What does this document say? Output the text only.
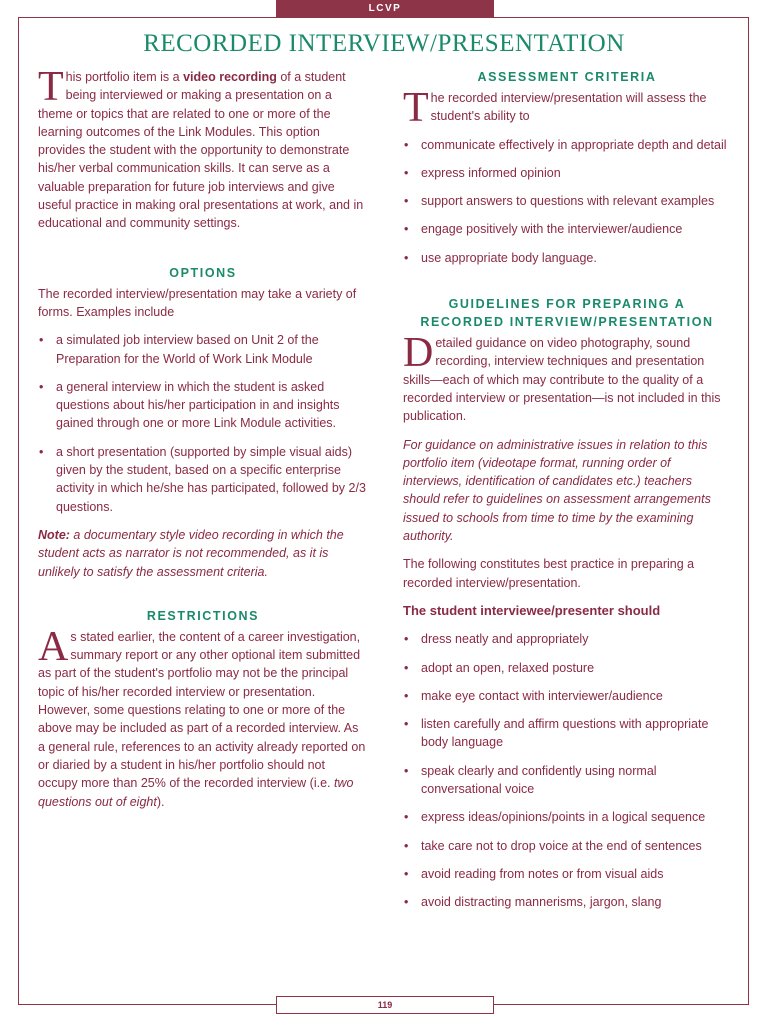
LCVP
RECORDED INTERVIEW/PRESENTATION

This portfolio item is a video recording of a student being interviewed or making a presentation on a theme or topics that are related to one or more of the learning outcomes of the Link Modules. This option provides the student with the opportunity to demonstrate his/her verbal communication skills. It can serve as a valuable preparation for future job interviews and give useful practice in making oral presentations at work, and in educational and community settings.

OPTIONS

The recorded interview/presentation may take a variety of forms. Examples include

• a simulated job interview based on Unit 2 of the Preparation for the World of Work Link Module
• a general interview in which the student is asked questions about his/her participation in and insights gained through one or more Link Module activities.
• a short presentation (supported by simple visual aids) given by the student, based on a specific enterprise activity in which he/she has participated, followed by 2/3 questions.

Note: a documentary style video recording in which the student acts as narrator is not recommended, as it is unlikely to satisfy the assessment criteria.

RESTRICTIONS

As stated earlier, the content of a career investigation, summary report or any other optional item submitted as part of the student's portfolio may not be the principal topic of his/her recorded interview or presentation. However, some questions relating to one or more of the above may be included as part of a recorded interview. As a general rule, references to an activity already reported on or diaried by a student in his/her portfolio should not occupy more than 25% of the recorded interview (i.e. two questions out of eight).

ASSESSMENT CRITERIA

The recorded interview/presentation will assess the student's ability to

• communicate effectively in appropriate depth and detail
• express informed opinion
• support answers to questions with relevant examples
• engage positively with the interviewer/audience
• use appropriate body language.
GUIDELINES FOR PREPARING A
RECORDED INTERVIEW/PRESENTATION

Detailed guidance on video photography, sound recording, interview techniques and presentation skills—each of which may contribute to the quality of a recorded interview or presentation—is not included in this publication.

For guidance on administrative issues in relation to this portfolio item (videotape format, running order of interviews, identification of candidates etc.) teachers should refer to guidelines on assessment arrangements issued to schools from time to time by the examining authority.

The following constitutes best practice in preparing a recorded interview/presentation.

The student interviewee/presenter should
• dress neatly and appropriately
• adopt an open, relaxed posture
• make eye contact with interviewer/audience
• listen carefully and affirm questions with appropriate body language
• speak clearly and confidently using normal conversational voice
• express ideas/opinions/points in a logical sequence
• take care not to drop voice at the end of sentences
• avoid reading from notes or from visual aids
• avoid distracting mannerisms, jargon, slang
119
